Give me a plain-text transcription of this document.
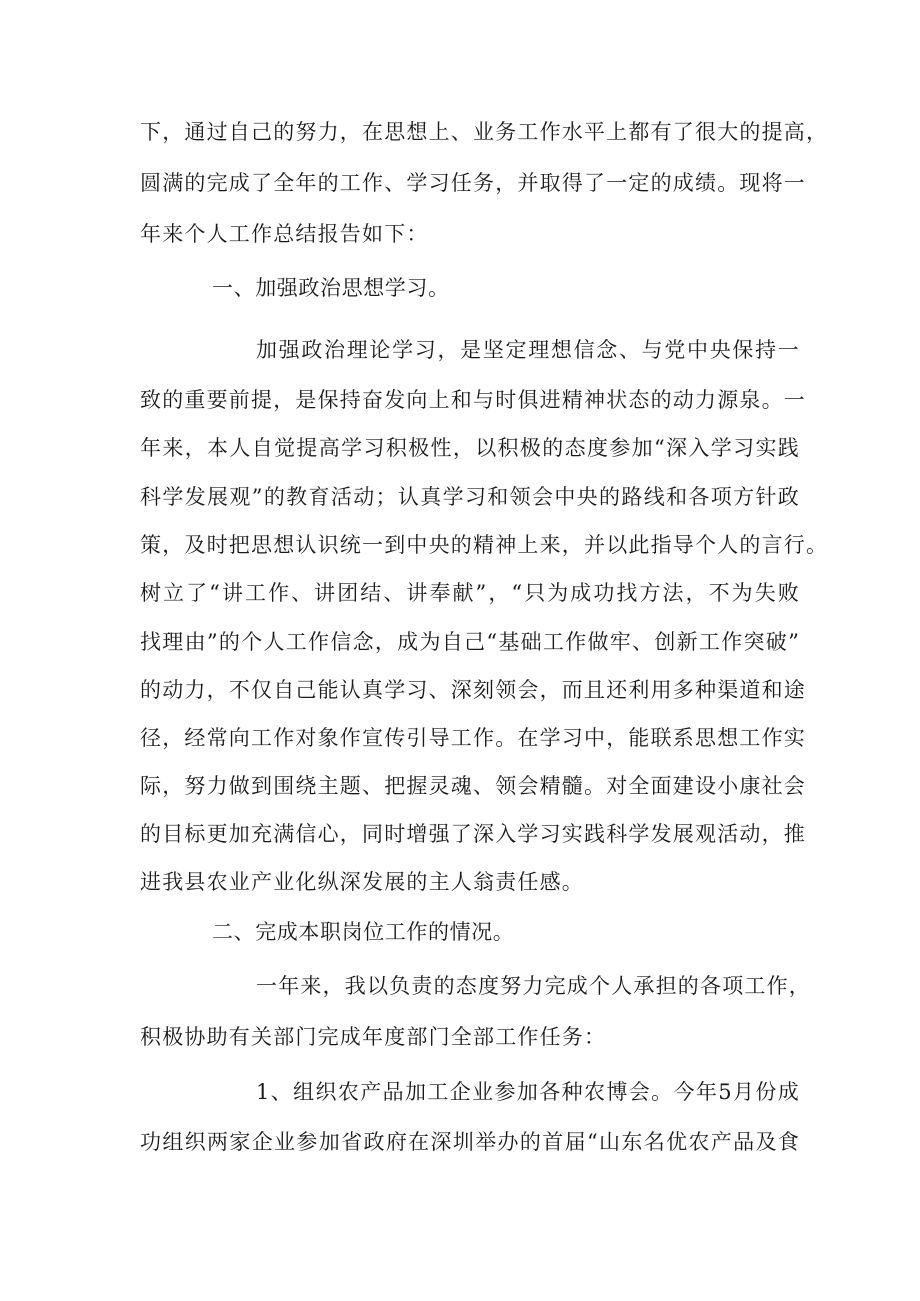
下，通过自己的努力，在思想上、业务工作水平上都有了很大的提高，
圆满的完成了全年的工作、学习任务，并取得了一定的成绩。现将一
年来个人工作总结报告如下：
一、加强政治思想学习。
加强政治理论学习，是坚定理想信念、与党中央保持一
致的重要前提，是保持奋发向上和与时俱进精神状态的动力源泉。一
年来，本人自觉提高学习积极性，以积极的态度参加“深入学习实践
科学发展观”的教育活动；认真学习和领会中央的路线和各项方针政
策，及时把思想认识统一到中央的精神上来，并以此指导个人的言行。
树立了“讲工作、讲团结、讲奉献”，“只为成功找方法，不为失败
找理由”的个人工作信念，成为自己“基础工作做牢、创新工作突破”
的动力，不仅自己能认真学习、深刻领会，而且还利用多种渠道和途
径，经常向工作对象作宣传引导工作。在学习中，能联系思想工作实
际，努力做到围绕主题、把握灵魂、领会精髓。对全面建设小康社会
的目标更加充满信心，同时增强了深入学习实践科学发展观活动，推
进我县农业产业化纵深发展的主人翁责任感。
二、完成本职岗位工作的情况。
一年来，我以负责的态度努力完成个人承担的各项工作，
积极协助有关部门完成年度部门全部工作任务：
1、组织农产品加工企业参加各种农博会。今年5月份成
功组织两家企业参加省政府在深圳举办的首届“山东名优农产品及食
